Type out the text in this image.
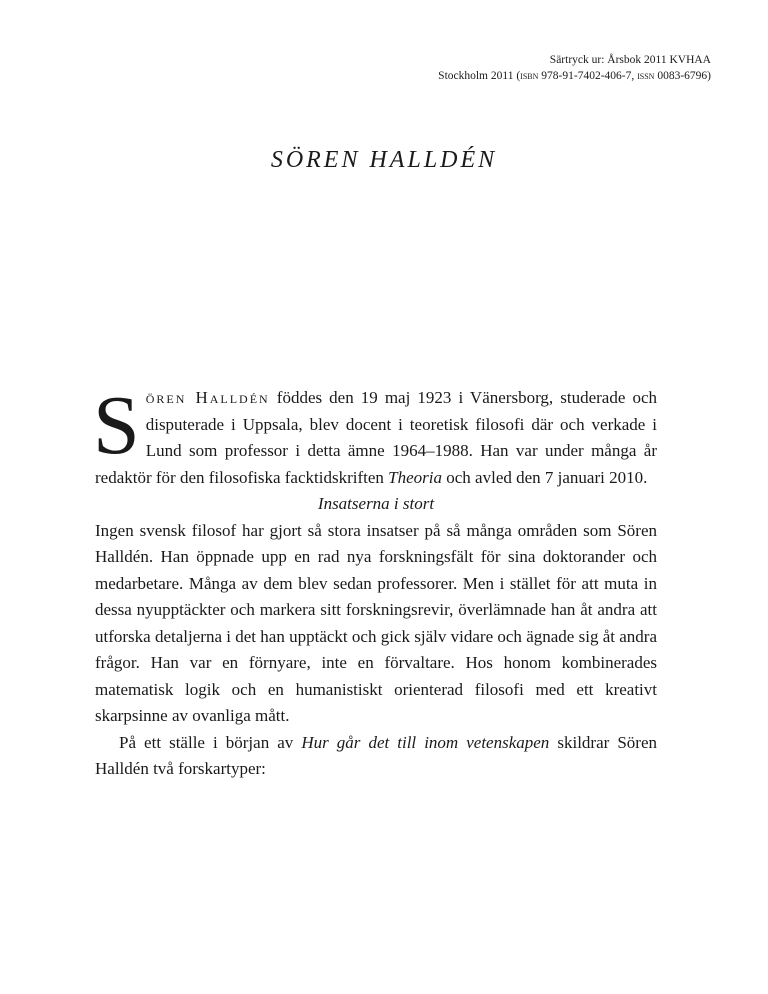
Särtryck ur: Årsbok 2011 KVHAA
Stockholm 2011 (isbn 978-91-7402-406-7, issn 0083-6796)
SÖREN HALLDÉN

Sören Halldén föddes den 19 maj 1923 i Vänersborg, studerade och disputerade i Uppsala, blev docent i teoretisk filosofi där och verkade i Lund som professor i detta ämne 1964–1988. Han var under många år redaktör för den filosofiska facktidskriften Theoria och avled den 7 januari 2010.

Insatserna i stort

Ingen svensk filosof har gjort så stora insatser på så många områden som Sören Halldén. Han öppnade upp en rad nya forskningsfält för sina doktorander och medarbetare. Många av dem blev sedan professorer. Men i stället för att muta in dessa nyupptäckter och markera sitt forskningsrevir, överlämnade han åt andra att utforska detaljerna i det han upptäckt och gick själv vidare och ägnade sig åt andra frågor. Han var en förnyare, inte en förvaltare. Hos honom kombinerades matematisk logik och en humanistiskt orienterad filosofi med ett kreativt skarpsinne av ovanliga mått.

På ett ställe i början av Hur går det till inom vetenskapen skildrar Sören Halldén två forskartyper:
